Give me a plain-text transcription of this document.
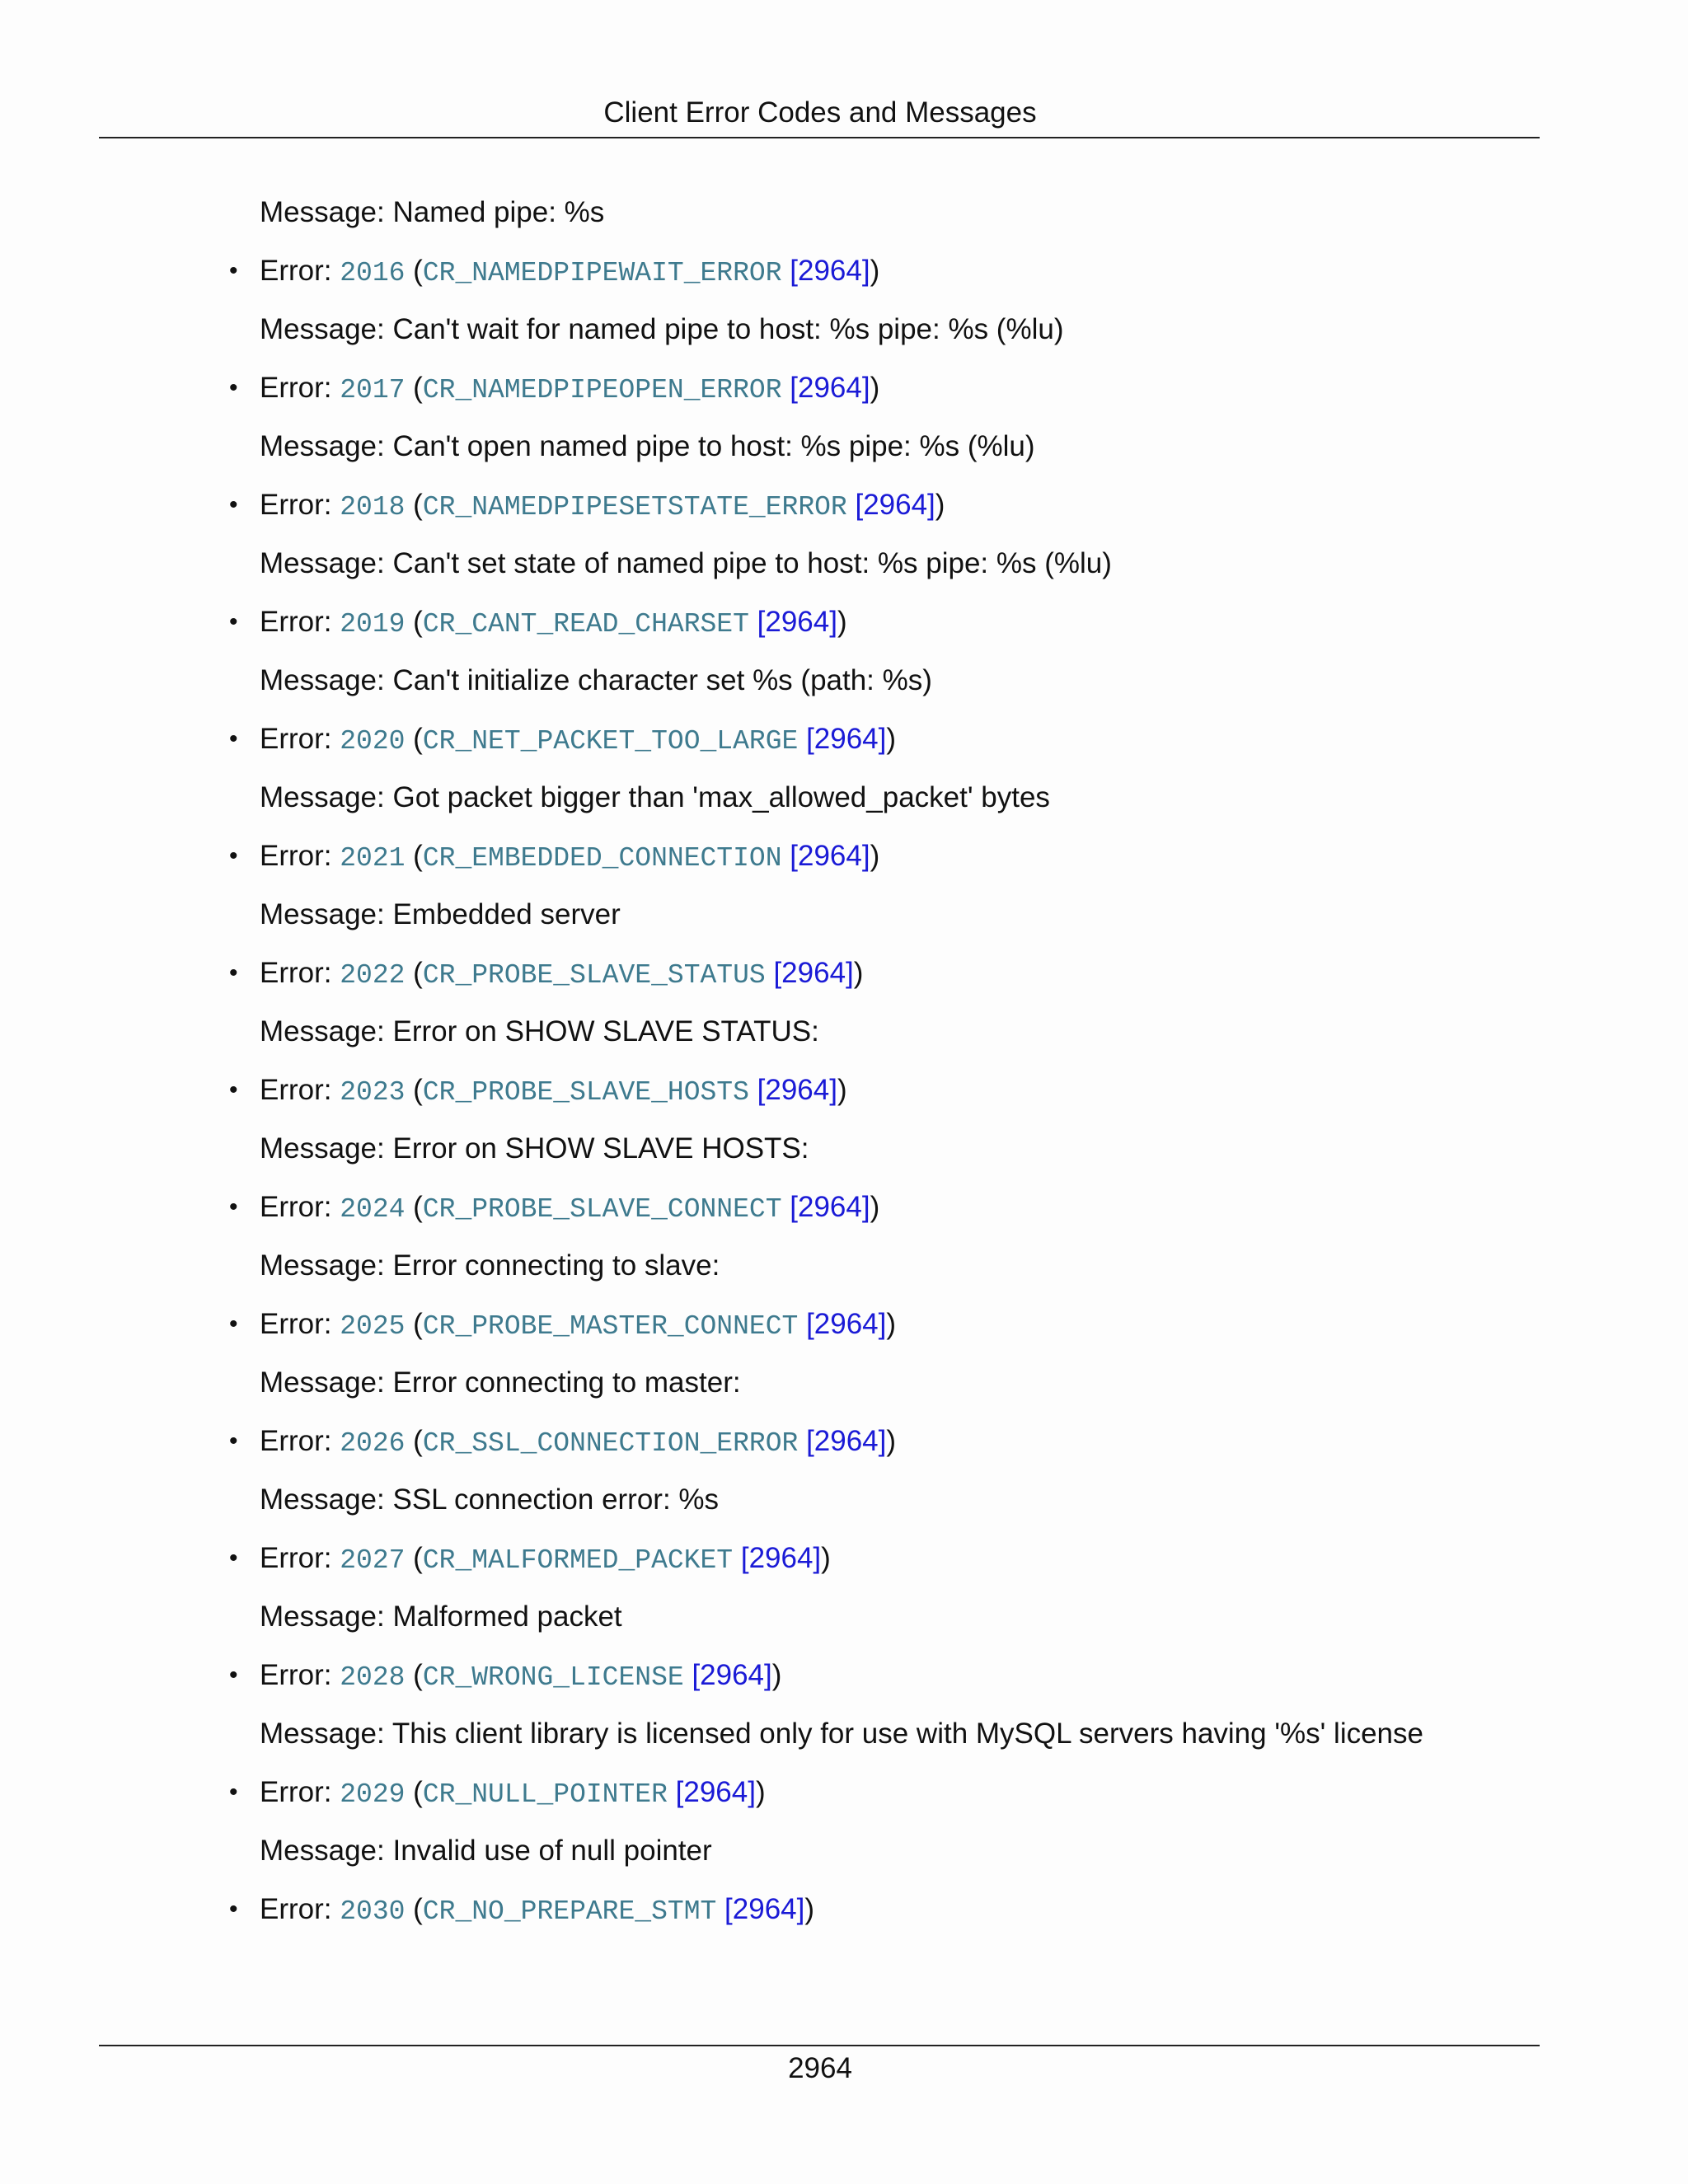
Client Error Codes and Messages
Message: Named pipe: %s
• Error: 2016 (CR_NAMEDPIPEWAIT_ERROR [2964])
Message: Can't wait for named pipe to host: %s pipe: %s (%lu)
• Error: 2017 (CR_NAMEDPIPEOPEN_ERROR [2964])
Message: Can't open named pipe to host: %s pipe: %s (%lu)
• Error: 2018 (CR_NAMEDPIPESETSTATE_ERROR [2964])
Message: Can't set state of named pipe to host: %s pipe: %s (%lu)
• Error: 2019 (CR_CANT_READ_CHARSET [2964])
Message: Can't initialize character set %s (path: %s)
• Error: 2020 (CR_NET_PACKET_TOO_LARGE [2964])
Message: Got packet bigger than 'max_allowed_packet' bytes
• Error: 2021 (CR_EMBEDDED_CONNECTION [2964])
Message: Embedded server
• Error: 2022 (CR_PROBE_SLAVE_STATUS [2964])
Message: Error on SHOW SLAVE STATUS:
• Error: 2023 (CR_PROBE_SLAVE_HOSTS [2964])
Message: Error on SHOW SLAVE HOSTS:
• Error: 2024 (CR_PROBE_SLAVE_CONNECT [2964])
Message: Error connecting to slave:
• Error: 2025 (CR_PROBE_MASTER_CONNECT [2964])
Message: Error connecting to master:
• Error: 2026 (CR_SSL_CONNECTION_ERROR [2964])
Message: SSL connection error: %s
• Error: 2027 (CR_MALFORMED_PACKET [2964])
Message: Malformed packet
• Error: 2028 (CR_WRONG_LICENSE [2964])
Message: This client library is licensed only for use with MySQL servers having '%s' license
• Error: 2029 (CR_NULL_POINTER [2964])
Message: Invalid use of null pointer
• Error: 2030 (CR_NO_PREPARE_STMT [2964])
2964
